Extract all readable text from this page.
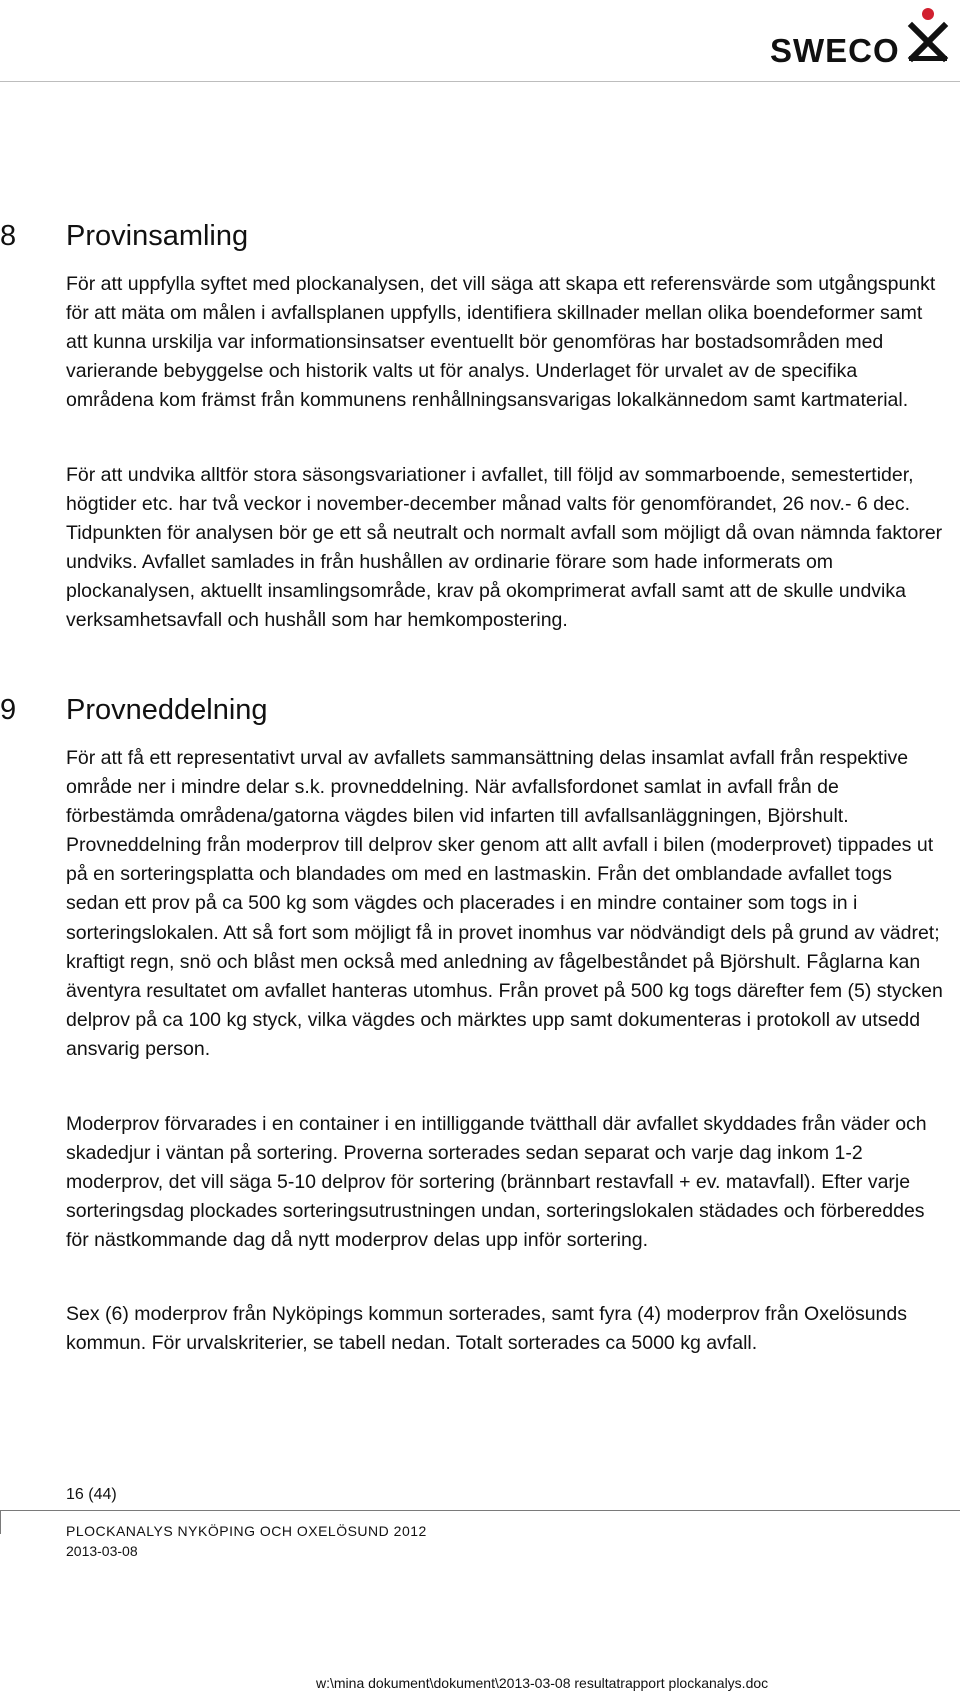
SWECO
8 Provinsamling

För att uppfylla syftet med plockanalysen, det vill säga att skapa ett referensvärde som utgångspunkt för att mäta om målen i avfallsplanen uppfylls, identifiera skillnader mellan olika boendeformer samt att kunna urskilja var informationsinsatser eventuellt bör genomföras har bostadsområden med varierande bebyggelse och historik valts ut för analys. Underlaget för urvalet av de specifika områdena kom främst från kommunens renhållningsansvarigas lokalkännedom samt kartmaterial.

För att undvika alltför stora säsongsvariationer i avfallet, till följd av sommarboende, semestertider, högtider etc. har två veckor i november-december månad valts för genomförandet, 26 nov.- 6 dec. Tidpunkten för analysen bör ge ett så neutralt och normalt avfall som möjligt då ovan nämnda faktorer undviks. Avfallet samlades in från hushållen av ordinarie förare som hade informerats om plockanalysen, aktuellt insamlingsområde, krav på okomprimerat avfall samt att de skulle undvika verksamhetsavfall och hushåll som har hemkompostering.

9 Provneddelning

För att få ett representativt urval av avfallets sammansättning delas insamlat avfall från respektive område ner i mindre delar s.k. provneddelning. När avfallsfordonet samlat in avfall från de förbestämda områdena/gatorna vägdes bilen vid infarten till avfallsanläggningen, Björshult. Provneddelning från moderprov till delprov sker genom att allt avfall i bilen (moderprovet) tippades ut på en sorteringsplatta och blandades om med en lastmaskin. Från det omblandade avfallet togs sedan ett prov på ca 500 kg som vägdes och placerades i en mindre container som togs in i sorteringslokalen. Att så fort som möjligt få in provet inomhus var nödvändigt dels på grund av vädret; kraftigt regn, snö och blåst men också med anledning av fågelbeståndet på Björshult. Fåglarna kan äventyra resultatet om avfallet hanteras utomhus. Från provet på 500 kg togs därefter fem (5) stycken delprov på ca 100 kg styck, vilka vägdes och märktes upp samt dokumenteras i protokoll av utsedd ansvarig person.

Moderprov förvarades i en container i en intilliggande tvätthall där avfallet skyddades från väder och skadedjur i väntan på sortering. Proverna sorterades sedan separat och varje dag inkom 1-2 moderprov, det vill säga 5-10 delprov för sortering (brännbart restavfall + ev. matavfall). Efter varje sorteringsdag plockades sorteringsutrustningen undan, sorteringslokalen städades och förbereddes för nästkommande dag då nytt moderprov delas upp inför sortering.

Sex (6) moderprov från Nyköpings kommun sorterades, samt fyra (4) moderprov från Oxelösunds kommun. För urvalskriterier, se tabell nedan. Totalt sorterades ca 5000 kg avfall.

16 (44)
PLOCKANALYS NYKÖPING OCH OXELÖSUND 2012
2013-03-08
w:\mina dokument\dokument\2013-03-08 resultatrapport plockanalys.doc
